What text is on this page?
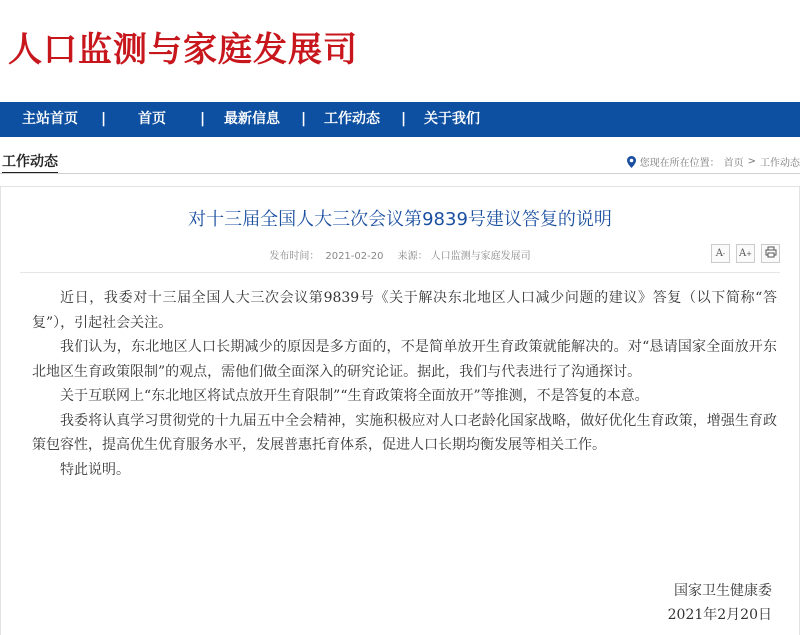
人口监测与家庭发展司
主站首页 | 首页 | 最新信息 | 工作动态 | 关于我们
工作动态	您现在所在位置： 首页 > 工作动态
对十三届全国人大三次会议第9839号建议答复的说明
发布时间： 2021-02-20 来源： 人口监测与家庭发展司	A - A +

近日，我委对十三届全国人大三次会议第9839号《关于解决东北地区人口减少问题的建议》答复（以下简称“答复”），引起社会关注。

我们认为，东北地区人口长期减少的原因是多方面的，不是简单放开生育政策就能解决的。对“恳请国家全面放开东北地区生育政策限制”的观点，需他们做全面深入的研究论证。据此，我们与代表进行了沟通探讨。

关于互联网上“东北地区将试点放开生育限制”“生育政策将全面放开”等推测，不是答复的本意。

我委将认真学习贯彻党的十九届五中全会精神，实施积极应对人口老龄化国家战略，做好优化生育政策，增强生育政策包容性，提高优生优育服务水平，发展普惠托育体系，促进人口长期均衡发展等相关工作。

特此说明。

国家卫生健康委
2021年2月20日
